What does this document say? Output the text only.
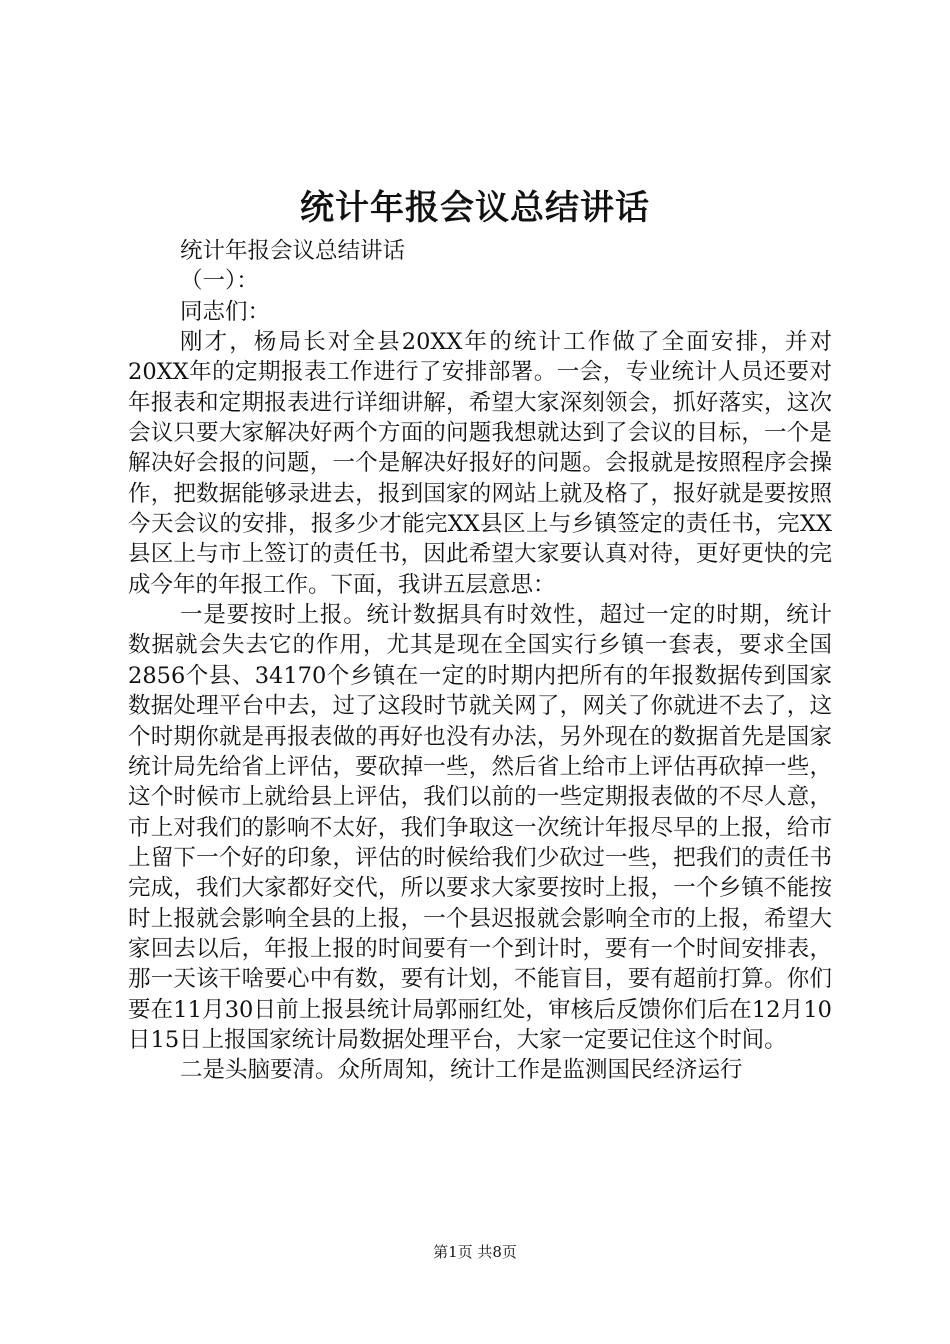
统计年报会议总结讲话

统计年报会议总结讲话

（一）：

同志们：

刚才，杨局长对全县20XX年的统计工作做了全面安排，并对20XX年的定期报表工作进行了安排部署。一会，专业统计人员还要对年报表和定期报表进行详细讲解，希望大家深刻领会，抓好落实，这次会议只要大家解决好两个方面的问题我想就达到了会议的目标，一个是解决好会报的问题，一个是解决好报好的问题。会报就是按照程序会操作，把数据能够录进去，报到国家的网站上就及格了，报好就是要按照今天会议的安排，报多少才能完XX县区上与乡镇签定的责任书，完XX县区上与市上签订的责任书，因此希望大家要认真对待，更好更快的完成今年的年报工作。下面，我讲五层意思：

一是要按时上报。统计数据具有时效性，超过一定的时期，统计数据就会失去它的作用，尤其是现在全国实行乡镇一套表，要求全国2856个县、34170个乡镇在一定的时期内把所有的年报数据传到国家数据处理平台中去，过了这段时节就关网了，网关了你就进不去了，这个时期你就是再报表做的再好也没有办法，另外现在的数据首先是国家统计局先给省上评估，要砍掉一些，然后省上给市上评估再砍掉一些，这个时候市上就给县上评估，我们以前的一些定期报表做的不尽人意，市上对我们的影响不太好，我们争取这一次统计年报尽早的上报，给市上留下一个好的印象，评估的时候给我们少砍过一些，把我们的责任书完成，我们大家都好交代，所以要求大家要按时上报，一个乡镇不能按时上报就会影响全县的上报，一个县迟报就会影响全市的上报，希望大家回去以后，年报上报的时间要有一个到计时，要有一个时间安排表，那一天该干啥要心中有数，要有计划，不能盲目，要有超前打算。你们要在11月30日前上报县统计局郭丽红处，审核后反馈你们后在12月10日15日上报国家统计局数据处理平台，大家一定要记住这个时间。

二是头脑要清。众所周知，统计工作是监测国民经济运行

第1页 共8页
